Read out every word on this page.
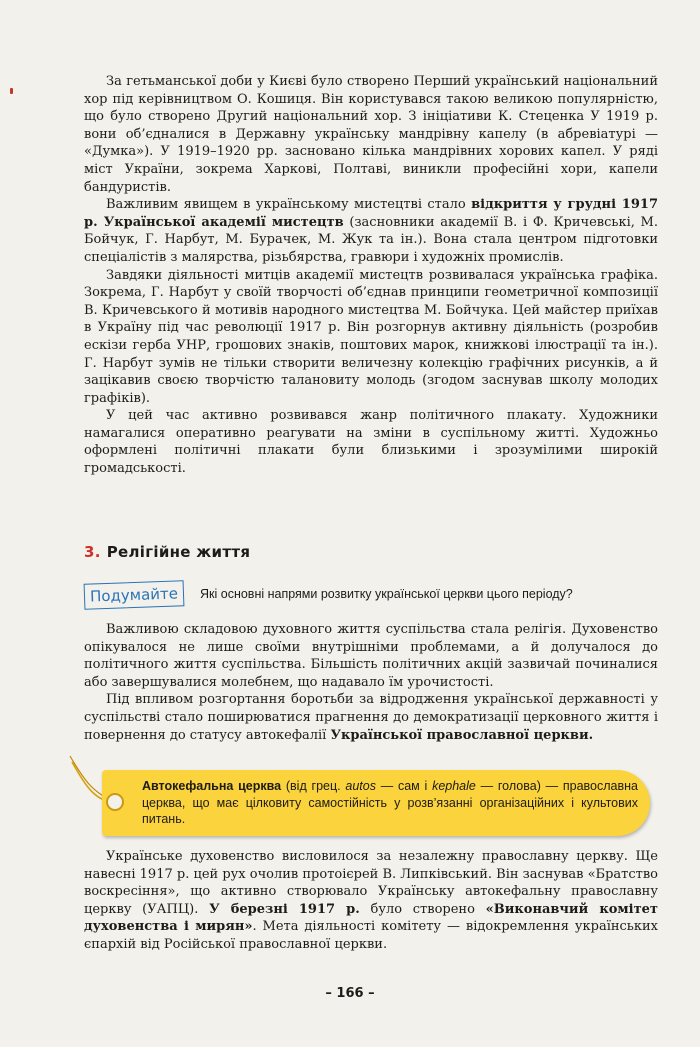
За гетьманської доби у Києві було створено Перший український національний хор під керівництвом О. Кошиця. Він користувався такою великою популярністю, що було створено Другий національний хор. З ініціативи К. Стеценка У 1919 р. вони об’єдналися в Державну українську мандрівну капелу (в абревіатурі — «Думка»). У 1919–1920 рр. засновано кілька мандрівних хорових капел. У ряді міст України, зокрема Харкові, Полтаві, виникли професійні хори, капели бандуристів.

Важливим явищем в українському мистецтві стало відкриття у грудні 1917 р. Української академії мистецтв (засновники академії В. і Ф. Кричевські, М. Бойчук, Г. Нарбут, М. Бурачек, М. Жук та ін.). Вона стала центром підготовки спеціалістів з малярства, різьбярства, гравюри і художніх промислів.

Завдяки діяльності митців академії мистецтв розвивалася українська графіка. Зокрема, Г. Нарбут у своїй творчості об’єднав принципи геометричної композиції В. Кричевського й мотивів народного мистецтва М. Бойчука. Цей майстер приїхав в Україну під час революції 1917 р. Він розгорнув активну діяльність (розробив ескізи герба УНР, грошових знаків, поштових марок, книжкові ілюстрації та ін.). Г. Нарбут зумів не тільки створити величезну колекцію графічних рисунків, а й зацікавив своєю творчістю талановиту молодь (згодом заснував школу молодих графіків).

У цей час активно розвивався жанр політичного плакату. Художники намагалися оперативно реагувати на зміни в суспільному житті. Художньо оформлені політичні плакати були близькими і зрозумілими широкій громадськості.

3. Релігійне життя
Подумайте	Які основні напрями розвитку української церкви цього періоду?

Важливою складовою духовного життя суспільства стала релігія. Духовенство опікувалося не лише своїми внутрішніми проблемами, а й долучалося до політичного життя суспільства. Більшість політичних акцій зазвичай починалися або завершувалися молебнем, що надавало їм урочистості.

Під впливом розгортання боротьби за відродження української державності у суспільстві стало поширюватися прагнення до демократизації церковного життя і повернення до статусу автокефалії Української православної церкви.

Автокефальна церква (від грец. autos — сам і kephale — голова) — православна церква, що має цілковиту самостійність у розв’язанні організаційних і культових питань.

Українське духовенство висловилося за незалежну православну церкву. Ще навесні 1917 р. цей рух очолив протоієрей В. Липківський. Він заснував «Братство воскресіння», що активно створювало Українську автокефальну православну церкву (УАПЦ). У березні 1917 р. було створено «Виконавчий комітет духовенства і мирян». Мета діяльності комітету — відокремлення українських єпархій від Російської православної церкви.

– 166 –
